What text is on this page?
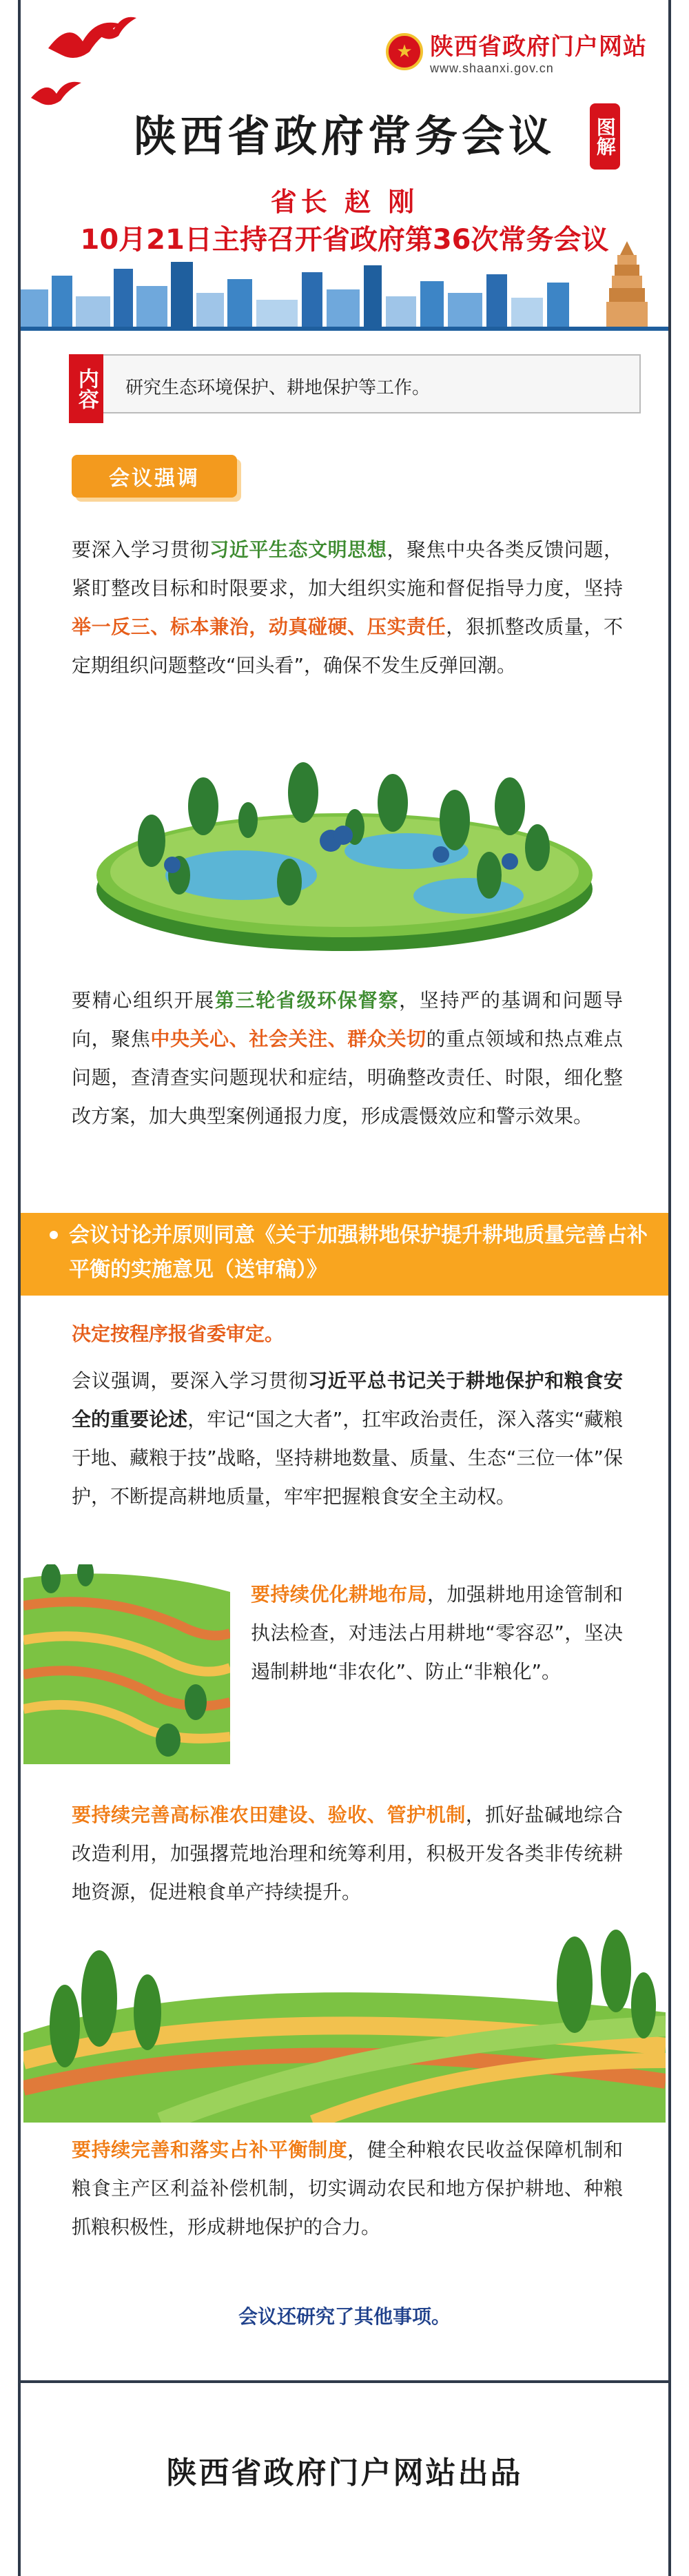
★ 陕西省政府门户网站
www.shaanxi.gov.cn
陕西省政府常务会议	图解
省长 赵 刚
10月21日主持召开省政府第36次常务会议
内容 研究生态环境保护、耕地保护等工作。
会议强调
要深入学习贯彻习近平生态文明思想，聚焦中央各类反馈问题，紧盯整改目标和时限要求，加大组织实施和督促指导力度，坚持举一反三、标本兼治，动真碰硬、压实责任，狠抓整改质量，不定期组织问题整改“回头看”，确保不发生反弹回潮。
要精心组织开展第三轮省级环保督察，坚持严的基调和问题导向，聚焦中央关心、社会关注、群众关切的重点领域和热点难点问题，查清查实问题现状和症结，明确整改责任、时限，细化整改方案，加大典型案例通报力度，形成震慑效应和警示效果。
会议讨论并原则同意《关于加强耕地保护提升耕地质量完善占补平衡的实施意见（送审稿）》
决定按程序报省委审定。
会议强调，要深入学习贯彻习近平总书记关于耕地保护和粮食安全的重要论述，牢记“国之大者”，扛牢政治责任，深入落实“藏粮于地、藏粮于技”战略，坚持耕地数量、质量、生态“三位一体”保护，不断提高耕地质量，牢牢把握粮食安全主动权。
要持续优化耕地布局，加强耕地用途管制和执法检查，对违法占用耕地“零容忍”，坚决遏制耕地“非农化”、防止“非粮化”。
要持续完善高标准农田建设、验收、管护机制，抓好盐碱地综合改造利用，加强撂荒地治理和统筹利用，积极开发各类非传统耕地资源，促进粮食单产持续提升。
要持续完善和落实占补平衡制度，健全种粮农民收益保障机制和粮食主产区利益补偿机制，切实调动农民和地方保护耕地、种粮抓粮积极性，形成耕地保护的合力。
会议还研究了其他事项。
陕西省政府门户网站出品
